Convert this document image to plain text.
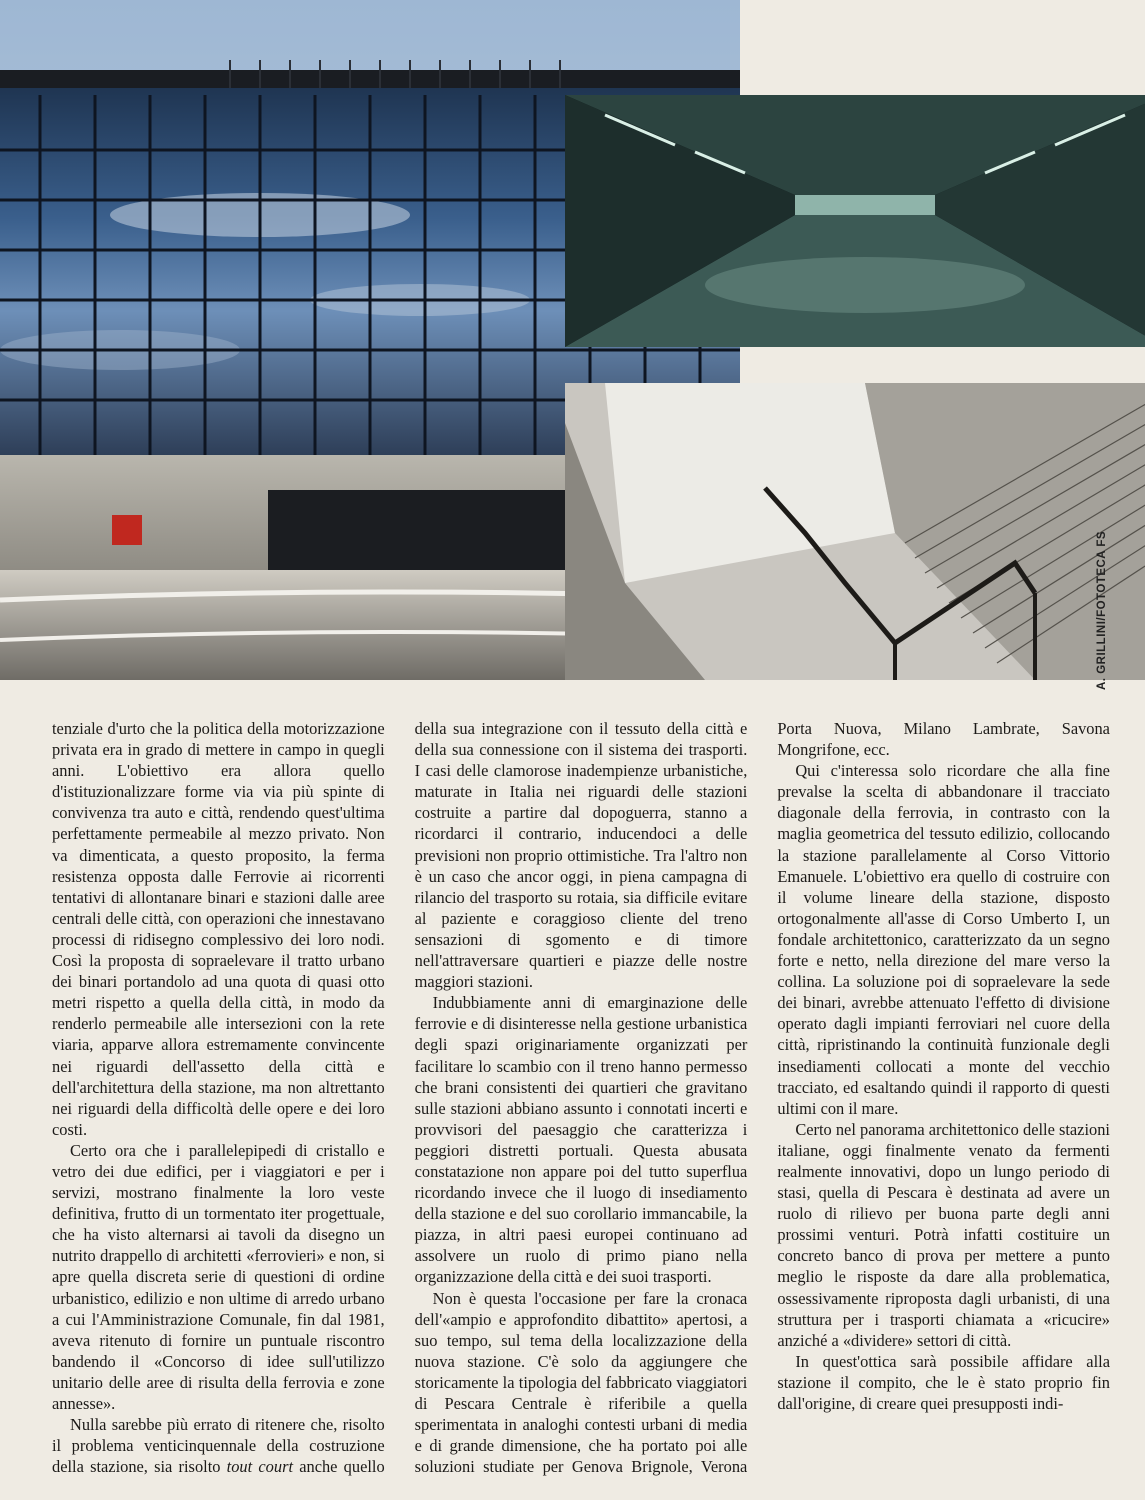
A. GRILLINI/FOTOTECA FS

tenziale d'urto che la politica della motorizzazione privata era in grado di mettere in campo in quegli anni. L'obiettivo era allora quello d'istituzionalizzare forme via via più spinte di convivenza tra auto e città, rendendo quest'ultima perfettamente permeabile al mezzo privato. Non va dimenticata, a questo proposito, la ferma resistenza opposta dalle Ferrovie ai ricorrenti tentativi di allontanare binari e stazioni dalle aree centrali delle città, con operazioni che innestavano processi di ridisegno complessivo dei loro nodi. Così la proposta di sopraelevare il tratto urbano dei binari portandolo ad una quota di quasi otto metri rispetto a quella della città, in modo da renderlo permeabile alle intersezioni con la rete viaria, apparve allora estremamente convincente nei riguardi dell'assetto della città e dell'architettura della stazione, ma non altrettanto nei riguardi della difficoltà delle opere e dei loro costi.

Certo ora che i parallelepipedi di cristallo e vetro dei due edifici, per i viaggiatori e per i servizi, mostrano finalmente la loro veste definitiva, frutto di un tormentato iter progettuale, che ha visto alternarsi ai tavoli da disegno un nutrito drappello di architetti «ferrovieri» e non, si apre quella discreta serie di questioni di ordine urbanistico, edilizio e non ultime di arredo urbano a cui l'Amministrazione Comunale, fin dal 1981, aveva ritenuto di fornire un puntuale riscontro bandendo il «Concorso di idee sull'utilizzo unitario delle aree di risulta della ferrovia e zone annesse».

Nulla sarebbe più errato di ritenere che, risolto il problema venticinquennale della costruzione della stazione, sia risolto tout court anche quello della sua integrazione con il tessuto della città e della sua connessione con il sistema dei trasporti. I casi delle clamorose inadempienze urbanistiche, maturate in Italia nei riguardi delle stazioni costruite a partire dal dopoguerra, stanno a ricordarci il contrario, inducendoci a delle previsioni non proprio ottimistiche. Tra l'altro non è un caso che ancor oggi, in piena campagna di rilancio del trasporto su rotaia, sia difficile evitare al paziente e coraggioso cliente del treno sensazioni di sgomento e di timore nell'attraversare quartieri e piazze delle nostre maggiori stazioni.

Indubbiamente anni di emarginazione delle ferrovie e di disinteresse nella gestione urbanistica degli spazi originariamente organizzati per facilitare lo scambio con il treno hanno permesso che brani consistenti dei quartieri che gravitano sulle stazioni abbiano assunto i connotati incerti e provvisori del paesaggio che caratterizza i peggiori distretti portuali. Questa abusata constatazione non appare poi del tutto superflua ricordando invece che il luogo di insediamento della stazione e del suo corollario immancabile, la piazza, in altri paesi europei continuano ad assolvere un ruolo di primo piano nella organizzazione della città e dei suoi trasporti.

Non è questa l'occasione per fare la cronaca dell'«ampio e approfondito dibattito» apertosi, a suo tempo, sul tema della localizzazione della nuova stazione. C'è solo da aggiungere che storicamente la tipologia del fabbricato viaggiatori di Pescara Centrale è riferibile a quella sperimentata in analoghi contesti urbani di media e di grande dimensione, che ha portato poi alle soluzioni studiate per Genova Brignole, Verona Porta Nuova, Milano Lambrate, Savona Mongrifone, ecc.

Qui c'interessa solo ricordare che alla fine prevalse la scelta di abbandonare il tracciato diagonale della ferrovia, in contrasto con la maglia geometrica del tessuto edilizio, collocando la stazione parallelamente al Corso Vittorio Emanuele. L'obiettivo era quello di costruire con il volume lineare della stazione, disposto ortogonalmente all'asse di Corso Umberto I, un fondale architettonico, caratterizzato da un segno forte e netto, nella direzione del mare verso la collina. La soluzione poi di sopraelevare la sede dei binari, avrebbe attenuato l'effetto di divisione operato dagli impianti ferroviari nel cuore della città, ripristinando la continuità funzionale degli insediamenti collocati a monte del vecchio tracciato, ed esaltando quindi il rapporto di questi ultimi con il mare.

Certo nel panorama architettonico delle stazioni italiane, oggi finalmente venato da fermenti realmente innovativi, dopo un lungo periodo di stasi, quella di Pescara è destinata ad avere un ruolo di rilievo per buona parte degli anni prossimi venturi. Potrà infatti costituire un concreto banco di prova per mettere a punto meglio le risposte da dare alla problematica, ossessivamente riproposta dagli urbanisti, di una struttura per i trasporti chiamata a «ricucire» anziché a «dividere» settori di città.

In quest'ottica sarà possibile affidare alla stazione il compito, che le è stato proprio fin dall'origine, di creare quei presupposti indi-
